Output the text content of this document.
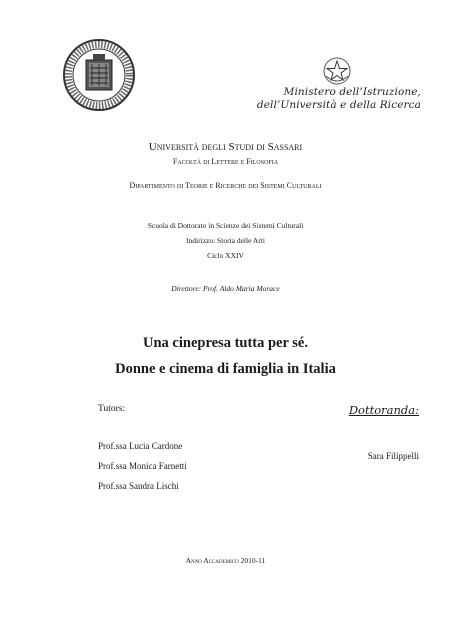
Ministero dell’Istruzione,
dell’Università e della Ricerca
Università degli Studi di Sassari
Facoltà di Lettere e Filosofia
Dipartimento di Teorie e Ricerche dei Sistemi Culturali
Scuola di Dottorato in Scienze dei Sistemi Culturali
Indirizzo: Storia delle Arti
Ciclo XXIV
Direttore: Prof. Aldo Maria Morace
Una cinepresa tutta per sé.
Donne e cinema di famiglia in Italia
Tutors:	Dottoranda:
Prof.ssa Lucia Cardone
Prof.ssa Monica Farnetti
Prof.ssa Sandra Lischi
Sara Filippelli
Anno Accademico 2010-11
